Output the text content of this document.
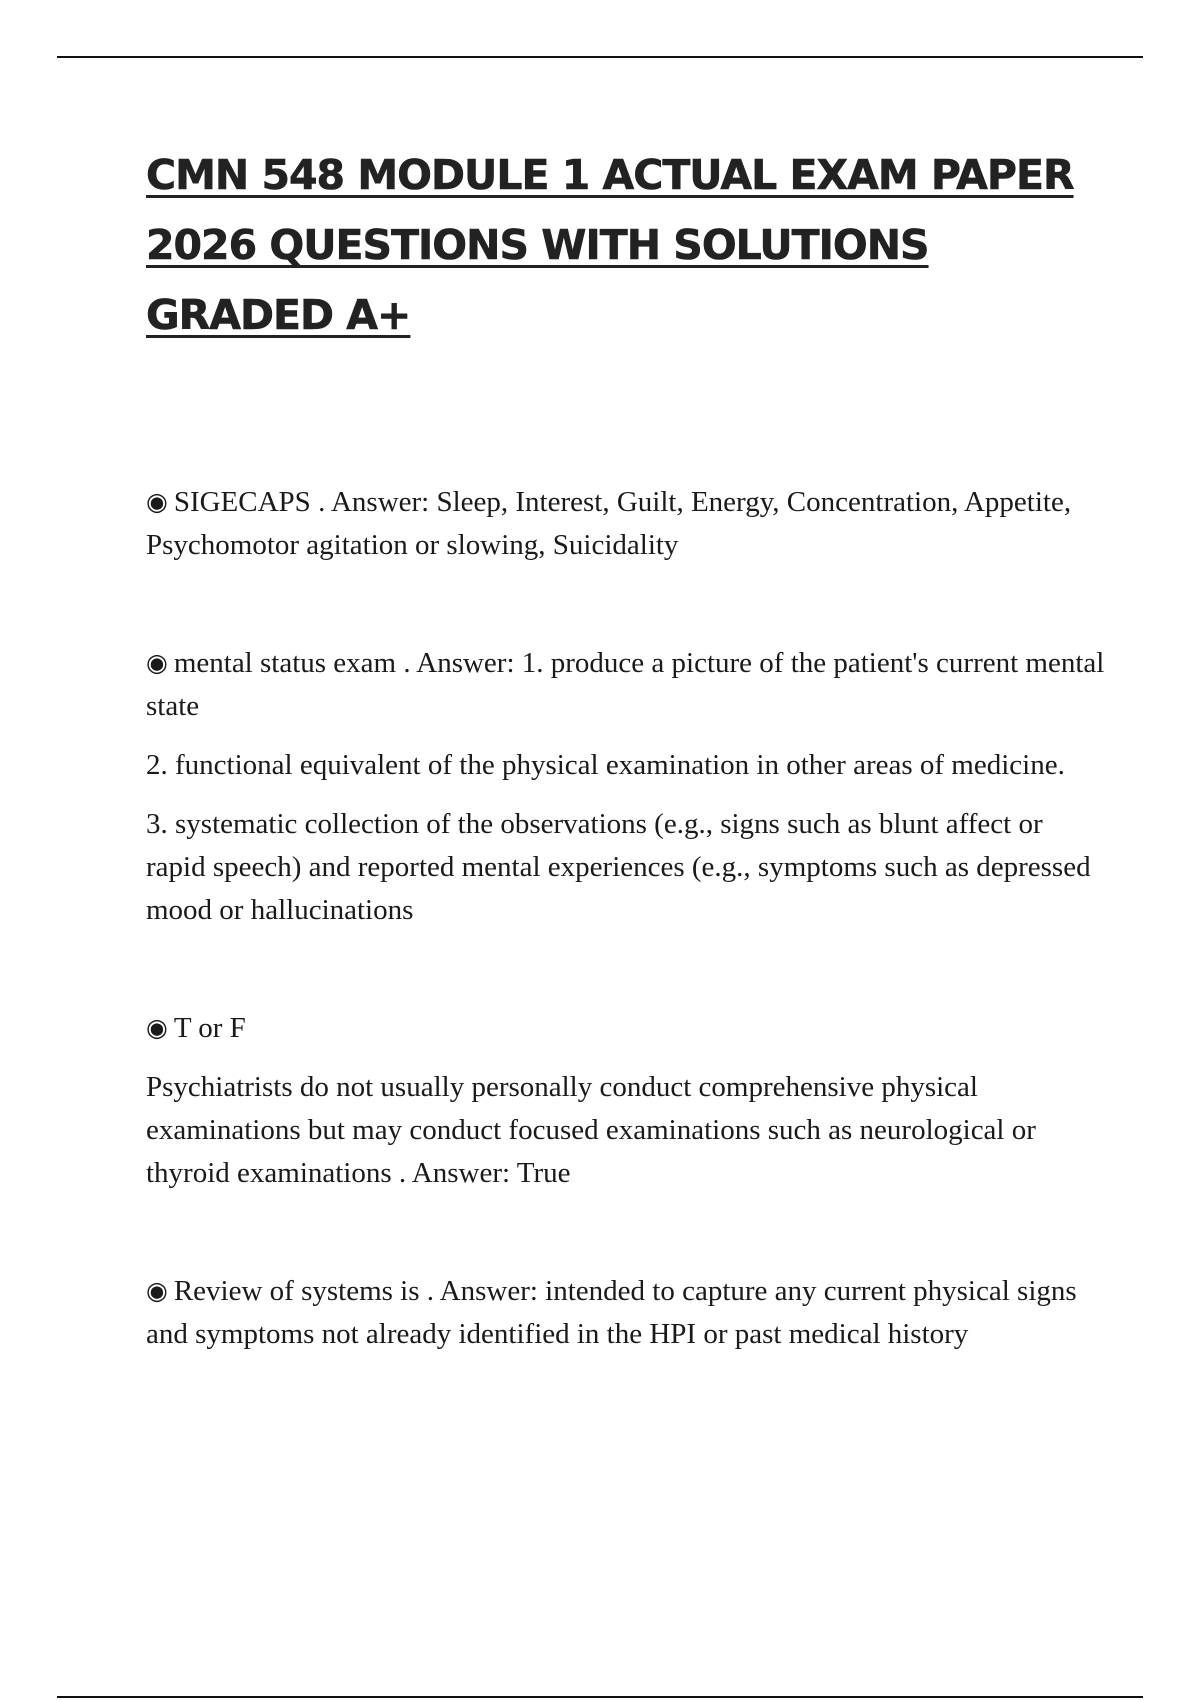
CMN 548 MODULE 1 ACTUAL EXAM PAPER 2026 QUESTIONS WITH SOLUTIONS GRADED A+

◉ SIGECAPS . Answer: Sleep, Interest, Guilt, Energy, Concentration, Appetite, Psychomotor agitation or slowing, Suicidality

◉ mental status exam . Answer: 1. produce a picture of the patient's current mental state

2. functional equivalent of the physical examination in other areas of medicine.

3. systematic collection of the observations (e.g., signs such as blunt affect or rapid speech) and reported mental experiences (e.g., symptoms such as depressed mood or hallucinations

◉ T or F

Psychiatrists do not usually personally conduct comprehensive physical examinations but may conduct focused examinations such as neurological or thyroid examinations . Answer: True

◉ Review of systems is . Answer: intended to capture any current physical signs and symptoms not already identified in the HPI or past medical history
